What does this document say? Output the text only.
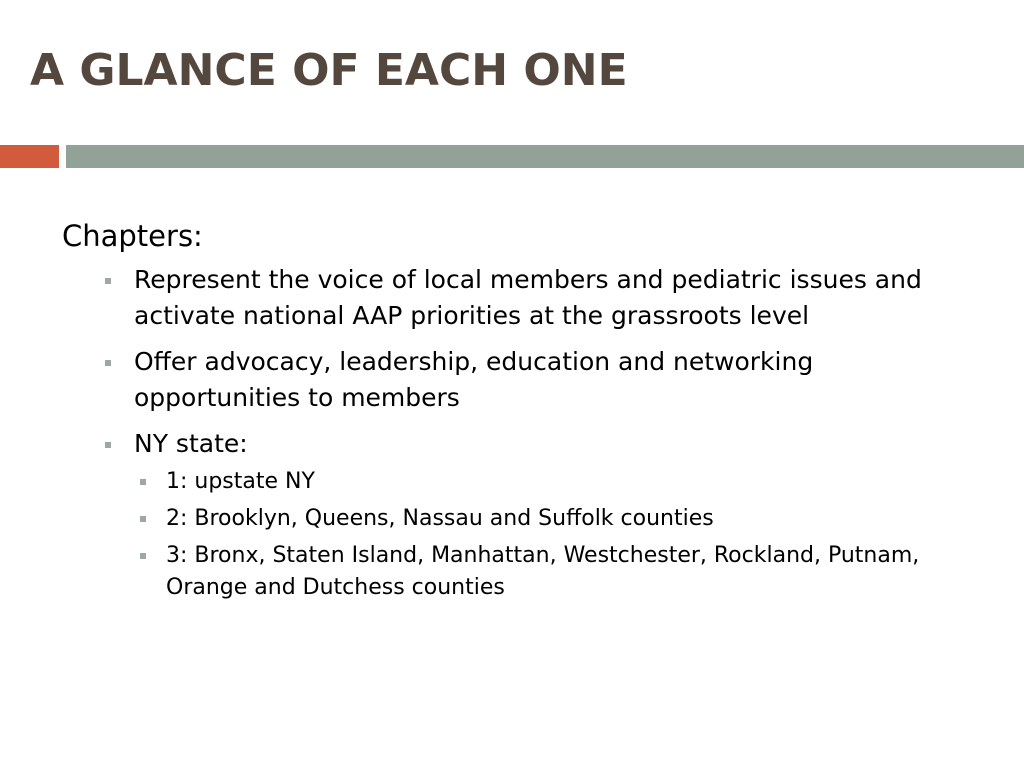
A GLANCE OF EACH ONE
Chapters:
Represent the voice of local members and pediatric issues and activate national AAP priorities at the grassroots level
Offer advocacy, leadership, education and networking opportunities to members
NY state:
1: upstate NY
2: Brooklyn, Queens, Nassau and Suffolk counties
3: Bronx, Staten Island, Manhattan, Westchester, Rockland, Putnam, Orange and Dutchess counties
